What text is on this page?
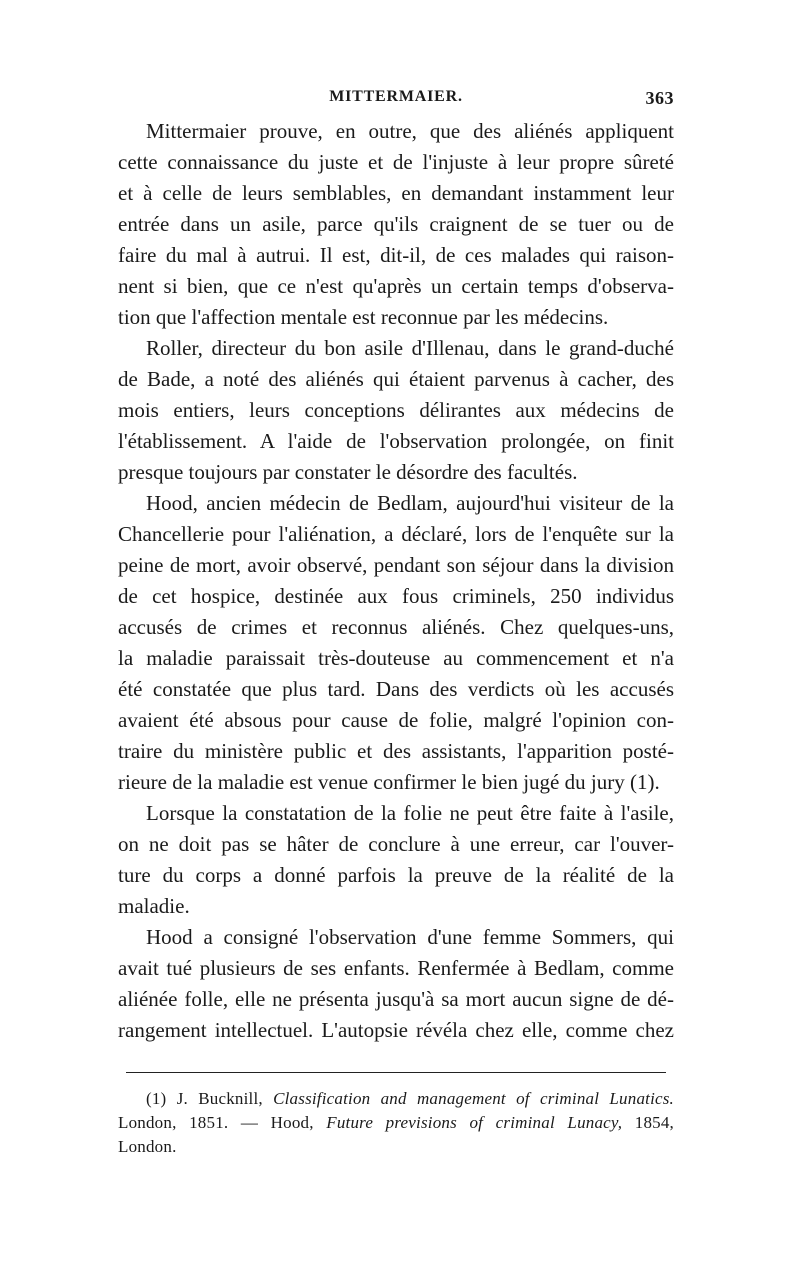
MITTERMAIER.	363

Mittermaier prouve, en outre, que des aliénés appliquent
cette connaissance du juste et de l'injuste à leur propre sûreté
et à celle de leurs semblables, en demandant instamment leur
entrée dans un asile, parce qu'ils craignent de se tuer ou de
faire du mal à autrui. Il est, dit-il, de ces malades qui raison-
nent si bien, que ce n'est qu'après un certain temps d'observa-
tion que l'affection mentale est reconnue par les médecins.

Roller, directeur du bon asile d'Illenau, dans le grand-duché
de Bade, a noté des aliénés qui étaient parvenus à cacher, des
mois entiers, leurs conceptions délirantes aux médecins de
l'établissement. A l'aide de l'observation prolongée, on finit
presque toujours par constater le désordre des facultés.

Hood, ancien médecin de Bedlam, aujourd'hui visiteur de la
Chancellerie pour l'aliénation, a déclaré, lors de l'enquête sur la
peine de mort, avoir observé, pendant son séjour dans la division
de cet hospice, destinée aux fous criminels, 250 individus
accusés de crimes et reconnus aliénés. Chez quelques-uns,
la maladie paraissait très-douteuse au commencement et n'a
été constatée que plus tard. Dans des verdicts où les accusés
avaient été absous pour cause de folie, malgré l'opinion con-
traire du ministère public et des assistants, l'apparition posté-
rieure de la maladie est venue confirmer le bien jugé du jury (1).

Lorsque la constatation de la folie ne peut être faite à l'asile,
on ne doit pas se hâter de conclure à une erreur, car l'ouver-
ture du corps a donné parfois la preuve de la réalité de la
maladie.

Hood a consigné l'observation d'une femme Sommers, qui
avait tué plusieurs de ses enfants. Renfermée à Bedlam, comme
aliénée folle, elle ne présenta jusqu'à sa mort aucun signe de dé-
rangement intellectuel. L'autopsie révéla chez elle, comme chez

(1) J. Bucknill, Classification and management of criminal Lunatics.
London, 1851. — Hood, Future previsions of criminal Lunacy, 1854,
London.
